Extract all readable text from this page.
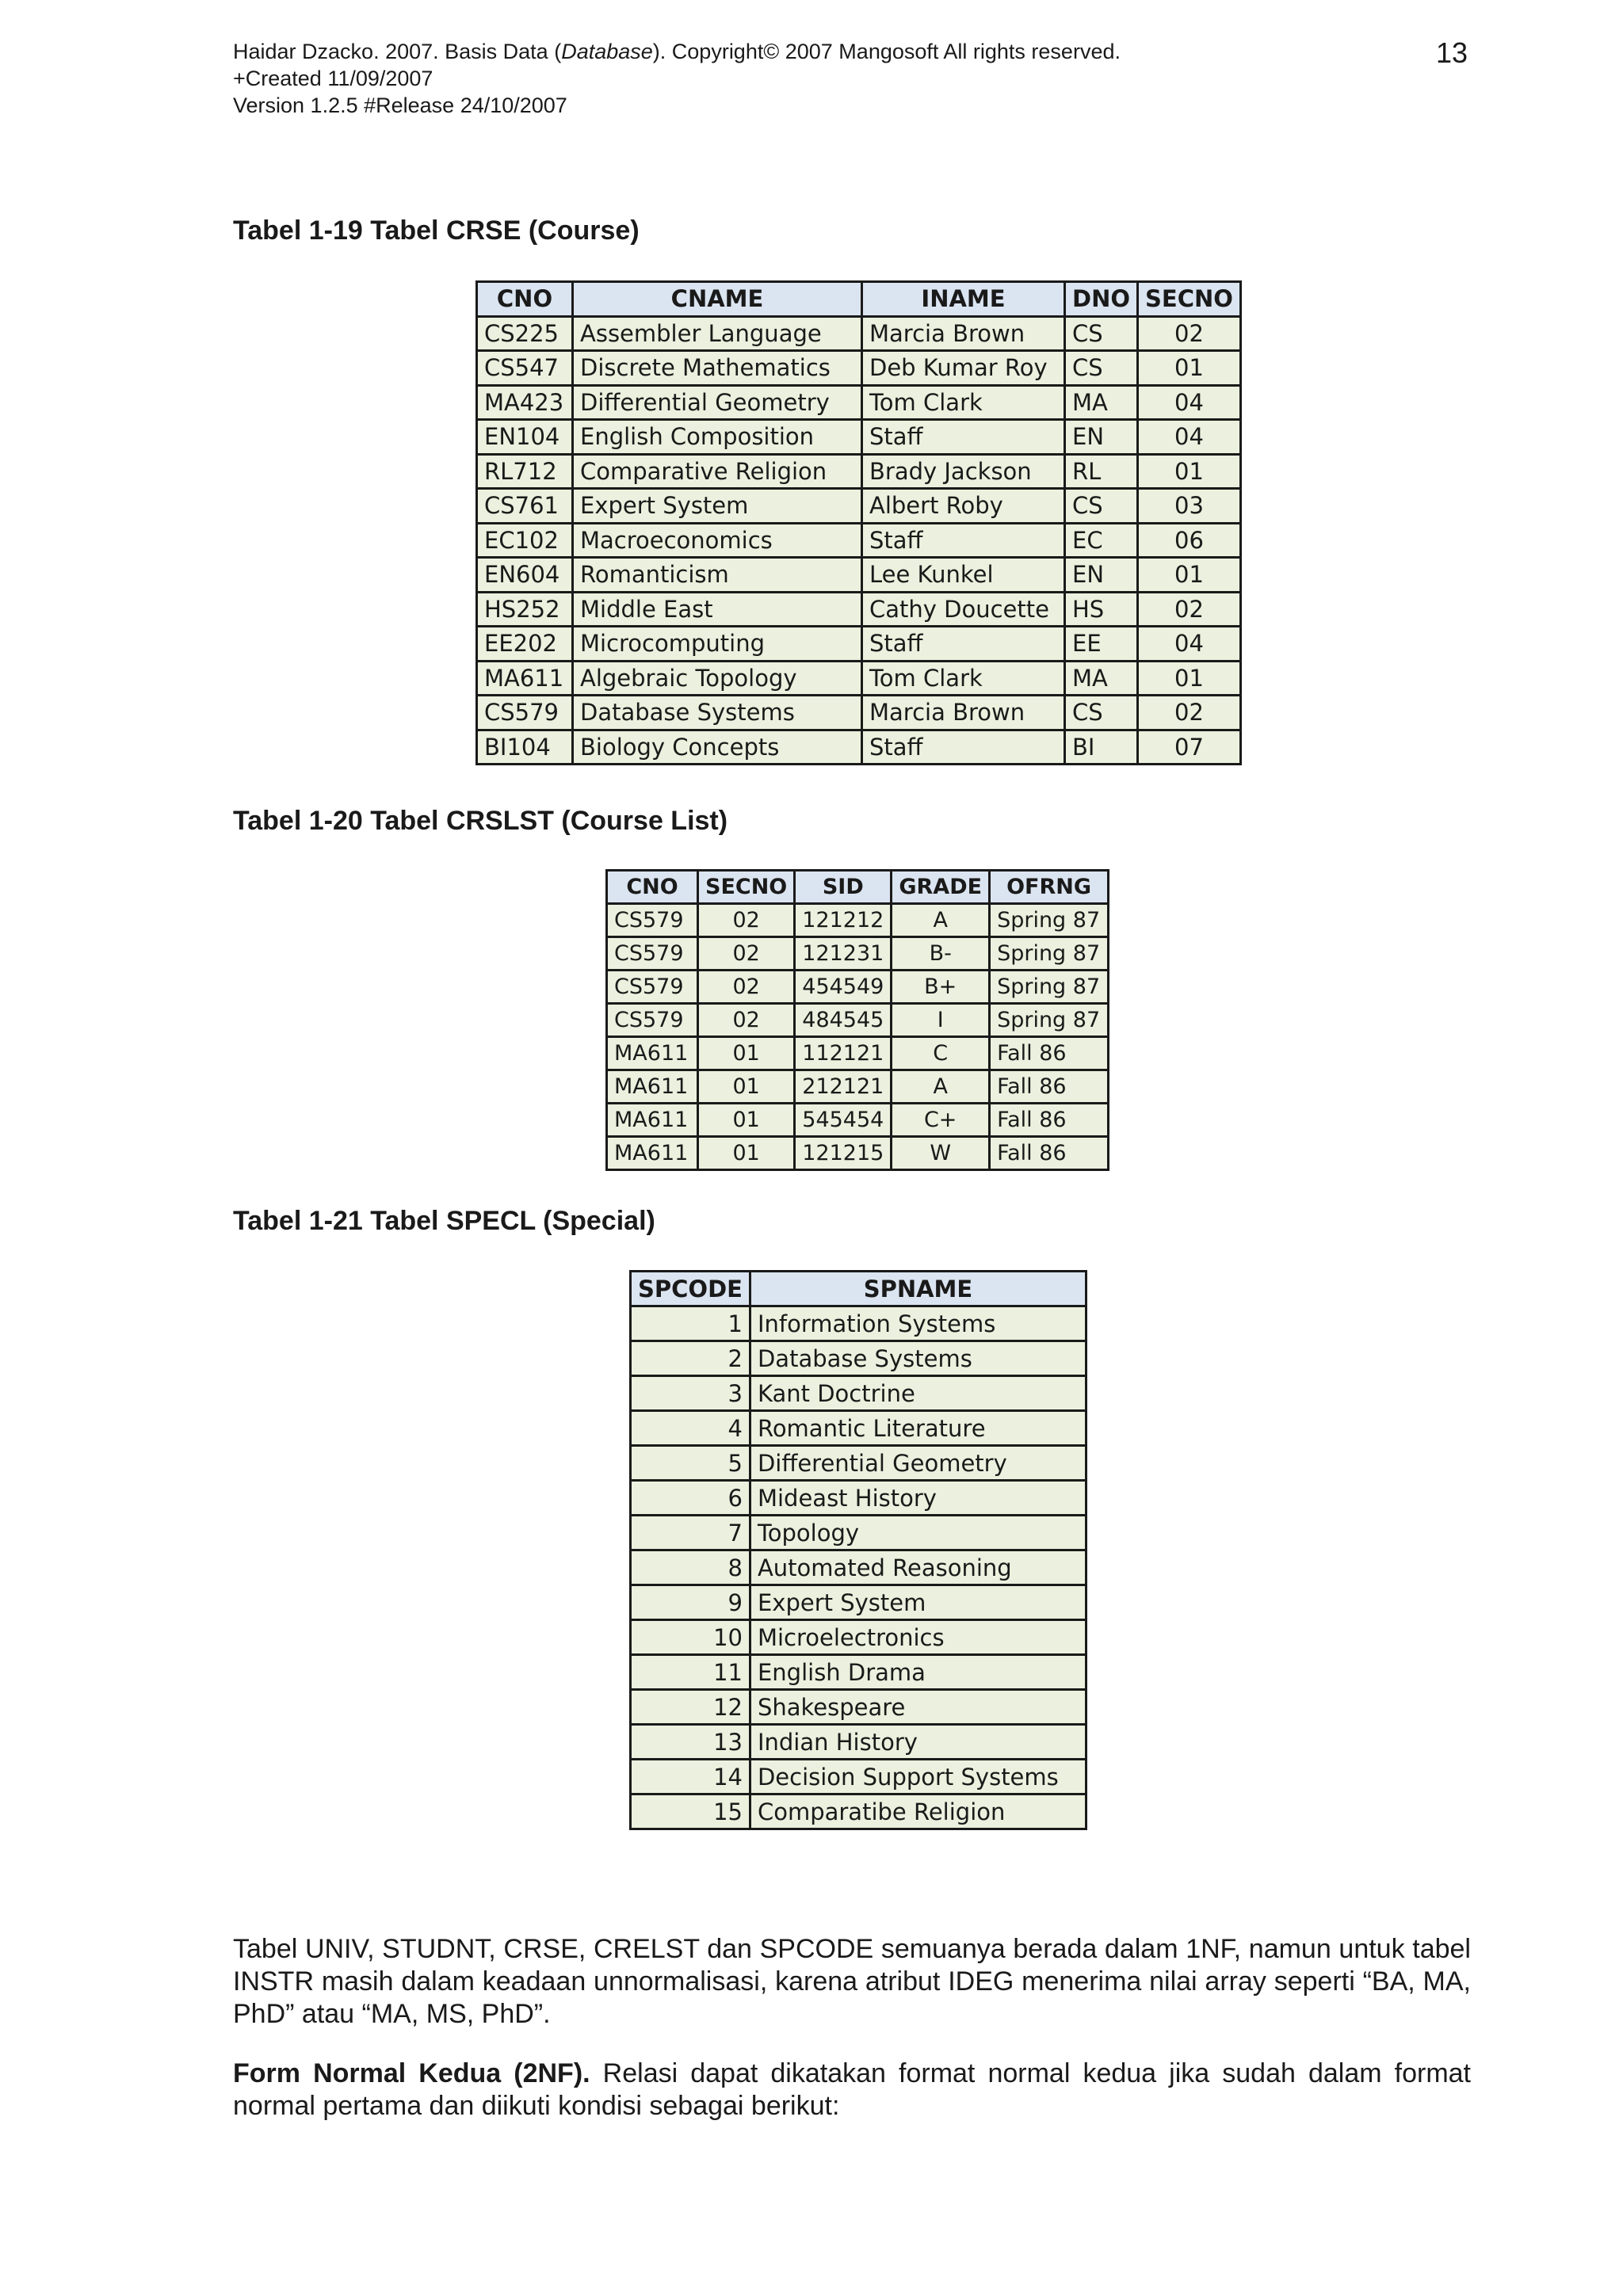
Haidar Dzacko. 2007. Basis Data (Database). Copyright© 2007 Mangosoft All rights reserved.
+Created 11/09/2007
Version 1.2.5 #Release 24/10/2007
13
Tabel 1-19 Tabel CRSE (Course)
CNO	CNAME	INAME	DNO	SECNO
CS225	Assembler Language	Marcia Brown	CS	02
CS547	Discrete Mathematics	Deb Kumar Roy	CS	01
MA423	Differential Geometry	Tom Clark	MA	04
EN104	English Composition	Staff	EN	04
RL712	Comparative Religion	Brady Jackson	RL	01
CS761	Expert System	Albert Roby	CS	03
EC102	Macroeconomics	Staff	EC	06
EN604	Romanticism	Lee Kunkel	EN	01
HS252	Middle East	Cathy Doucette	HS	02
EE202	Microcomputing	Staff	EE	04
MA611	Algebraic Topology	Tom Clark	MA	01
CS579	Database Systems	Marcia Brown	CS	02
BI104	Biology Concepts	Staff	BI	07
Tabel 1-20 Tabel CRSLST (Course List)
CNO	SECNO	SID	GRADE	OFRNG
CS579	02	121212	A	Spring 87
CS579	02	121231	B-	Spring 87
CS579	02	454549	B+	Spring 87
CS579	02	484545	I	Spring 87
MA611	01	112121	C	Fall 86
MA611	01	212121	A	Fall 86
MA611	01	545454	C+	Fall 86
MA611	01	121215	W	Fall 86
Tabel 1-21 Tabel SPECL (Special)
SPCODE	SPNAME
1	Information Systems
2	Database Systems
3	Kant Doctrine
4	Romantic Literature
5	Differential Geometry
6	Mideast History
7	Topology
8	Automated Reasoning
9	Expert System
10	Microelectronics
11	English Drama
12	Shakespeare
13	Indian History
14	Decision Support Systems
15	Comparatibe Religion
Tabel UNIV, STUDNT, CRSE, CRELST dan SPCODE semuanya berada dalam 1NF, namun untuk tabel INSTR masih dalam keadaan unnormalisasi, karena atribut IDEG menerima nilai array seperti “BA, MA, PhD” atau “MA, MS, PhD”.
Form Normal Kedua (2NF). Relasi dapat dikatakan format normal kedua jika sudah dalam format normal pertama dan diikuti kondisi sebagai berikut:
